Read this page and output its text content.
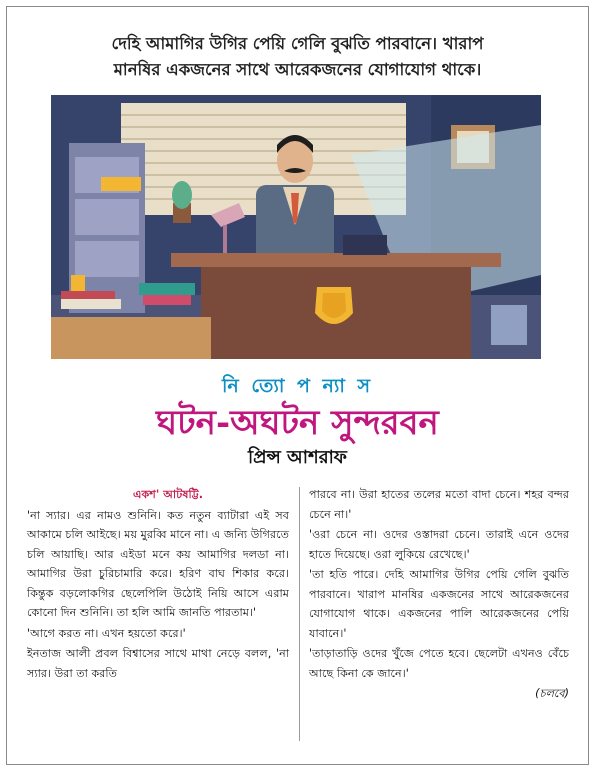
দেহি আমাগির উগির পেয়ি গেলি বুঝতি পারবানে। খারাপ
মানষির একজনের সাথে আরেকজনের যোগাযোগ থাকে।
নি ত্যো প ন্যা স
ঘটন-অঘটন সুন্দরবন
প্রিন্স আশরাফ
একশ' আটষট্টি.

'না স্যার। এর নামও শুনিনি। কত নতুন ব্যাটারা এই সব আকামে চলি আইছে। ময় মুরব্বি মানে না। এ জন্যি উগিরতে চলি আয়াছি। আর এইডা মনে কয় আমাগির দলডা না। আমাগির উরা চুরিচামারি করে। হরিণ বাঘ শিকার করে। কিন্তুক বড়লোকগির ছেলেপিলি উঠোই নিয়ি আসে এরাম কোনো দিন শুনিনি। তা হলি আমি জানতি পারতাম।'

'আগে করত না। এখন হয়তো করে।'

ইনতাজ আলী প্রবল বিশ্বাসের সাথে মাথা নেড়ে বলল, 'না স্যার। উরা তা করতি

পারবে না। উরা হাতের তলের মতো বাদা চেনে। শহর বন্দর চেনে না।'

'ওরা চেনে না। ওদের ওস্তাদরা চেনে। তারাই এনে ওদের হাতে দিয়েছে। ওরা লুকিয়ে রেখেছে।'

'তা হতি পারে। দেহি আমাগির উগির পেয়ি গেলি বুঝতি পারবানে। খারাপ মানষির একজনের সাথে আরেকজনের যোগাযোগ থাকে। একজনের পালি আরেকজনের পেয়ি যাবানে।'

'তাড়াতাড়ি ওদের খুঁজে পেতে হবে। ছেলেটা এখনও বেঁচে আছে কিনা কে জানে।'

(চলবে)
